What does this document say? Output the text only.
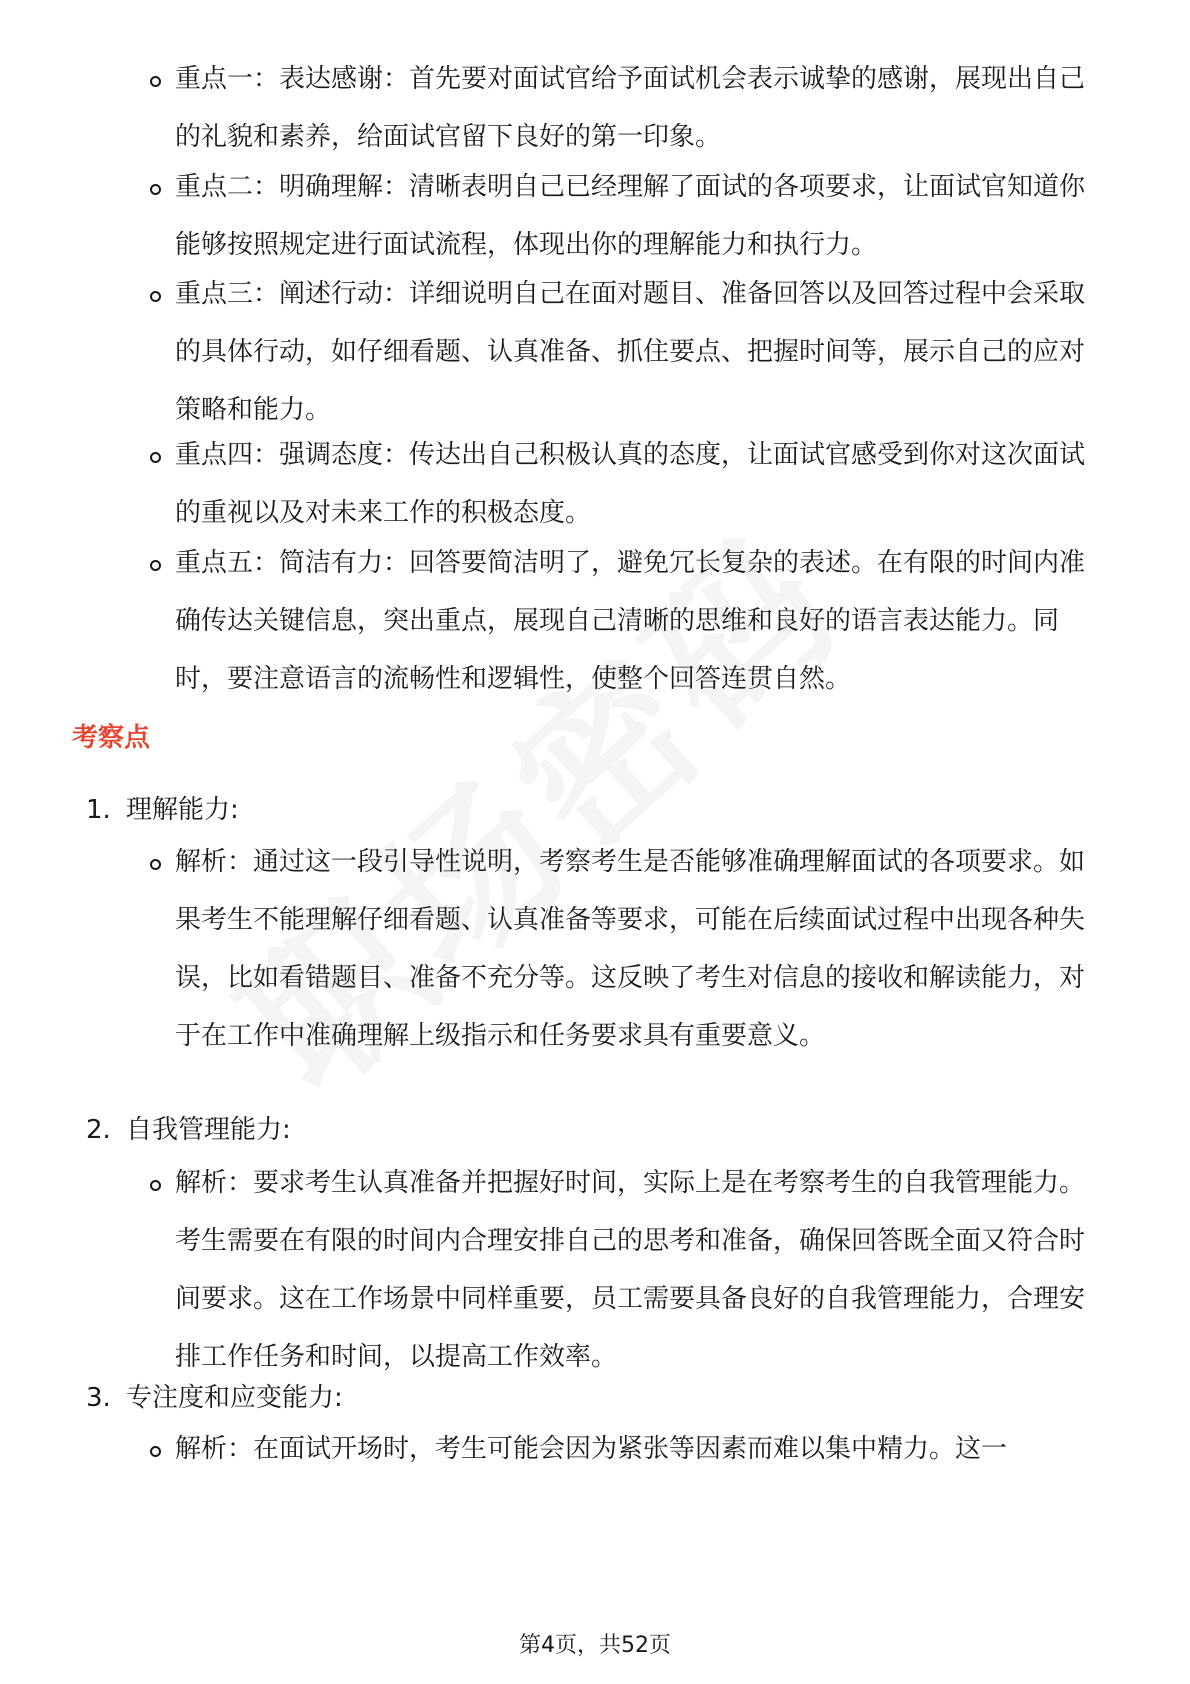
重点一：表达感谢：首先要对面试官给予面试机会表示诚挚的感谢，展现出自己的礼貌和素养，给面试官留下良好的第一印象。
重点二：明确理解：清晰表明自己已经理解了面试的各项要求，让面试官知道你能够按照规定进行面试流程，体现出你的理解能力和执行力。
重点三：阐述行动：详细说明自己在面对题目、准备回答以及回答过程中会采取的具体行动，如仔细看题、认真准备、抓住要点、把握时间等，展示自己的应对策略和能力。
重点四：强调态度：传达出自己积极认真的态度，让面试官感受到你对这次面试的重视以及对未来工作的积极态度。
重点五：简洁有力：回答要简洁明了，避免冗长复杂的表述。在有限的时间内准确传达关键信息，突出重点，展现自己清晰的思维和良好的语言表达能力。同时，要注意语言的流畅性和逻辑性，使整个回答连贯自然。
考察点
1. 理解能力:
解析：通过这一段引导性说明，考察考生是否能够准确理解面试的各项要求。如果考生不能理解仔细看题、认真准备等要求，可能在后续面试过程中出现各种失误，比如看错题目、准备不充分等。这反映了考生对信息的接收和解读能力，对于在工作中准确理解上级指示和任务要求具有重要意义。
2. 自我管理能力:
解析：要求考生认真准备并把握好时间，实际上是在考察考生的自我管理能力。考生需要在有限的时间内合理安排自己的思考和准备，确保回答既全面又符合时间要求。这在工作场景中同样重要，员工需要具备良好的自我管理能力，合理安排工作任务和时间，以提高工作效率。
3. 专注度和应变能力:
解析：在面试开场时，考生可能会因为紧张等因素而难以集中精力。这一
第4页，共52页
